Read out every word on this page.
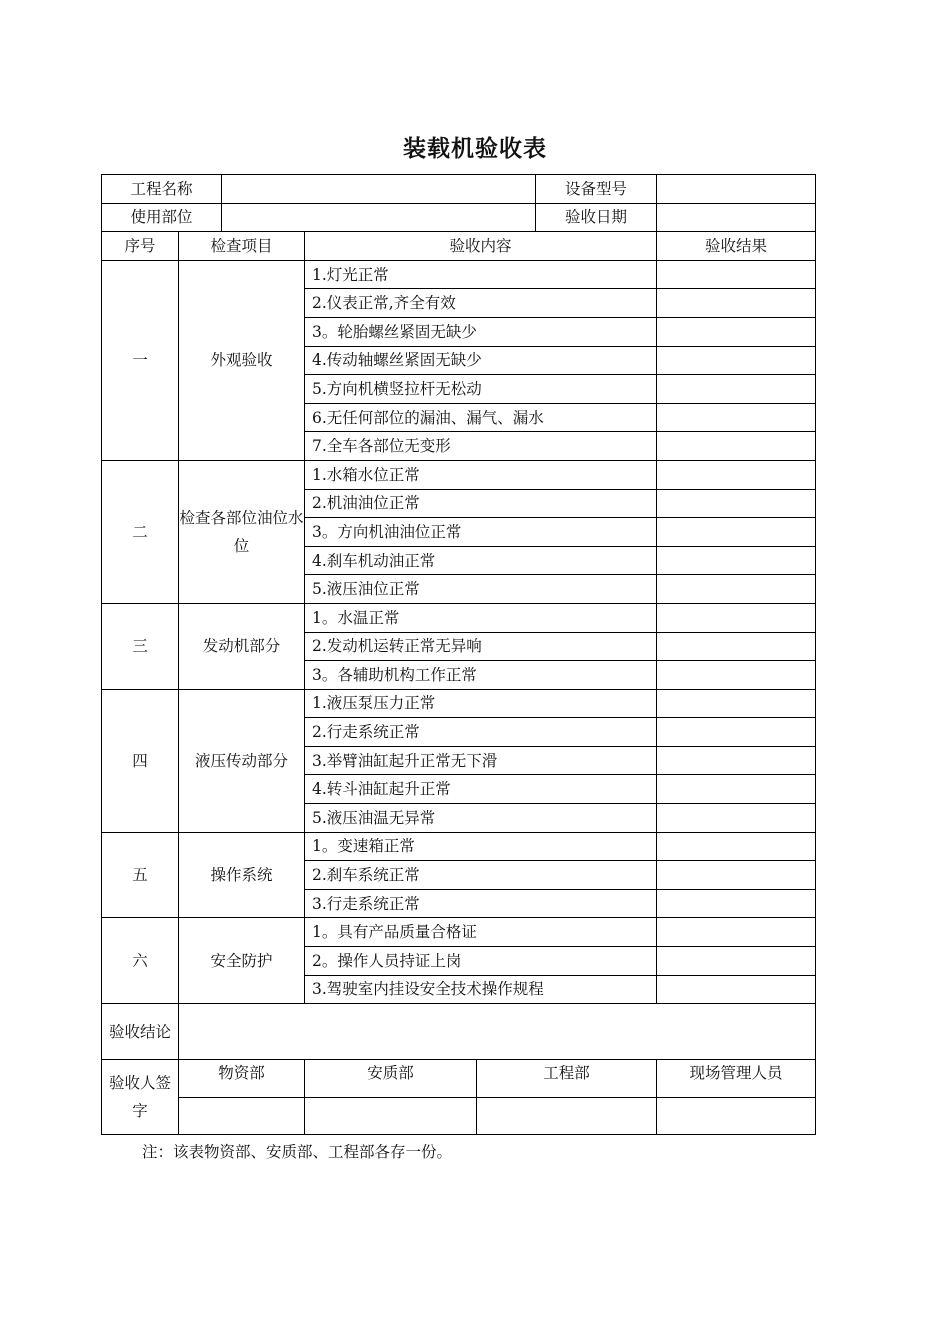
装载机验收表
工程名称					设备型号	
使用部位					验收日期	
序号	检查项目		验收内容			验收结果
一	外观验收		1.灯光正常			
			2.仪表正常,齐全有效			
			3。轮胎螺丝紧固无缺少			
			4.传动轴螺丝紧固无缺少			
			5.方向机横竖拉杆无松动			
			6.无任何部位的漏油、漏气、漏水			
			7.全车各部位无变形			
二	检查各部位油位水位		1.水箱水位正常			
			2.机油油位正常			
			3。方向机油油位正常			
			4.刹车机动油正常			
			5.液压油位正常			
三	发动机部分		1。水温正常			
			2.发动机运转正常无异响			
			3。各辅助机构工作正常			
四	液压传动部分		1.液压泵压力正常			
			2.行走系统正常			
			3.举臂油缸起升正常无下滑			
			4.转斗油缸起升正常			
			5.液压油温无异常			
五	操作系统		1。变速箱正常			
			2.刹车系统正常			
			3.行走系统正常			
六	安全防护		1。具有产品质量合格证			
			2。操作人员持证上岗			
			3.驾驶室内挂设安全技术操作规程			
验收结论						
验收人签字	物资部		安质部	工程部		现场管理人员

注：该表物资部、安质部、工程部各存一份。
